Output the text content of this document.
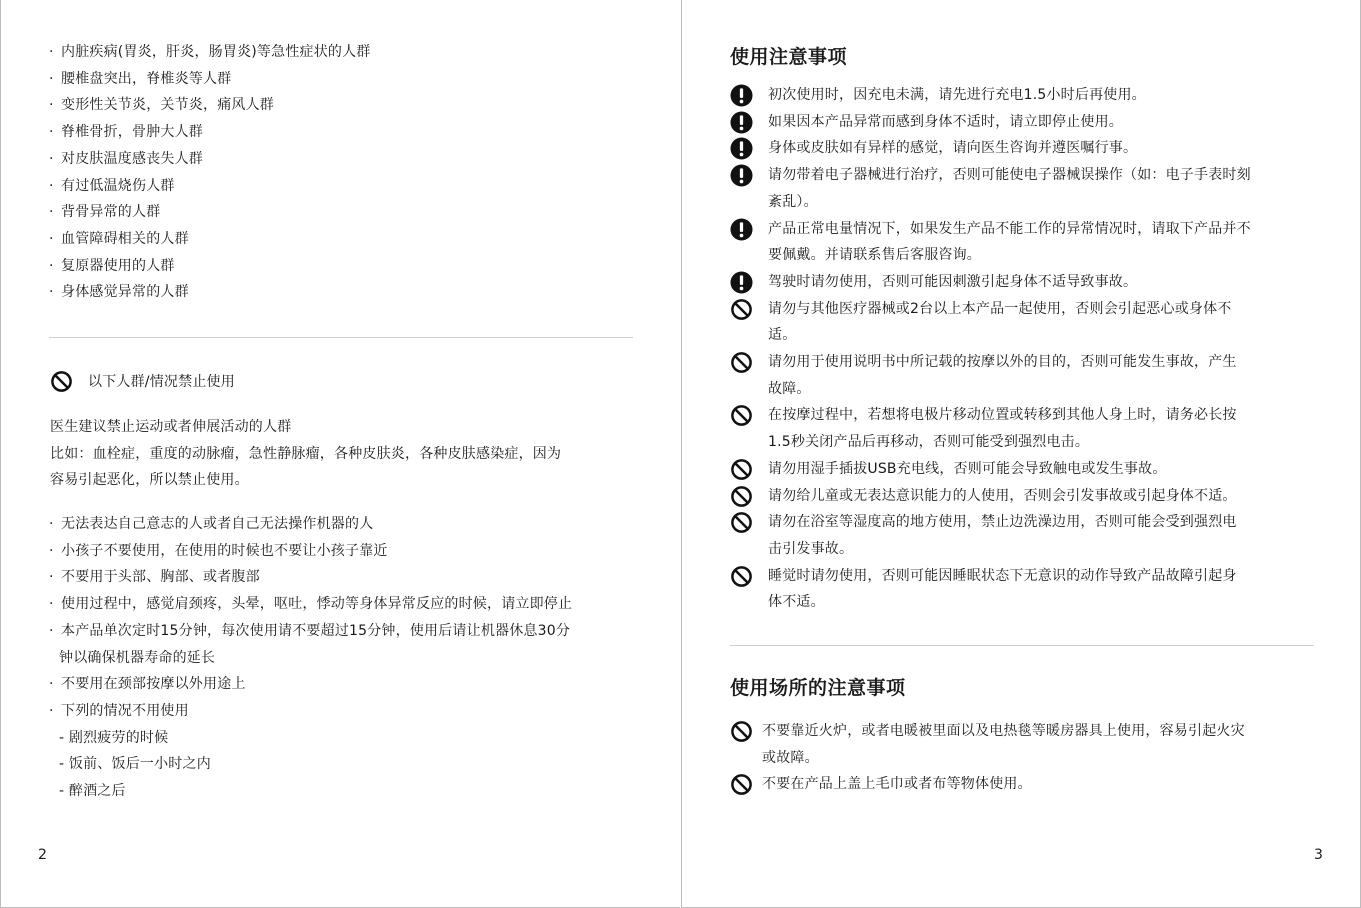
· 内脏疾病(胃炎，肝炎，肠胃炎)等急性症状的人群
· 腰椎盘突出，脊椎炎等人群
· 变形性关节炎，关节炎，痛风人群
· 脊椎骨折，骨肿大人群
· 对皮肤温度感丧失人群
· 有过低温烧伤人群
· 背骨异常的人群
· 血管障碍相关的人群
· 复原器使用的人群
· 身体感觉异常的人群
以下人群/情况禁止使用
医生建议禁止运动或者伸展活动的人群
比如：血栓症，重度的动脉瘤，急性静脉瘤，各种皮肤炎，各种皮肤感染症，因为
容易引起恶化，所以禁止使用。
· 无法表达自己意志的人或者自己无法操作机器的人
· 小孩子不要使用，在使用的时候也不要让小孩子靠近
· 不要用于头部、胸部、或者腹部
· 使用过程中，感觉肩颈疼，头晕，呕吐，悸动等身体异常反应的时候，请立即停止
· 本产品单次定时15分钟，每次使用请不要超过15分钟，使用后请让机器休息30分
钟以确保机器寿命的延长
· 不要用在颈部按摩以外用途上
· 下列的情况不用使用
- 剧烈疲劳的时候
- 饭前、饭后一小时之内
- 醉酒之后
2
使用注意事项
初次使用时，因充电未满，请先进行充电1.5小时后再使用。
如果因本产品异常而感到身体不适时，请立即停止使用。
身体或皮肤如有异样的感觉，请向医生咨询并遵医嘱行事。
请勿带着电子器械进行治疗，否则可能使电子器械误操作（如：电子手表时刻
紊乱）。
产品正常电量情况下，如果发生产品不能工作的异常情况时，请取下产品并不
要佩戴。并请联系售后客服咨询。
驾驶时请勿使用，否则可能因刺激引起身体不适导致事故。
请勿与其他医疗器械或2台以上本产品一起使用，否则会引起恶心或身体不
适。
请勿用于使用说明书中所记载的按摩以外的目的，否则可能发生事故，产生
故障。
在按摩过程中，若想将电极片移动位置或转移到其他人身上时，请务必长按
1.5秒关闭产品后再移动，否则可能受到强烈电击。
请勿用湿手插拔USB充电线，否则可能会导致触电或发生事故。
请勿给儿童或无表达意识能力的人使用，否则会引发事故或引起身体不适。
请勿在浴室等湿度高的地方使用，禁止边洗澡边用，否则可能会受到强烈电
击引发事故。
睡觉时请勿使用，否则可能因睡眠状态下无意识的动作导致产品故障引起身
体不适。
使用场所的注意事项
不要靠近火炉，或者电暖被里面以及电热毯等暖房器具上使用，容易引起火灾
或故障。
不要在产品上盖上毛巾或者布等物体使用。
3
